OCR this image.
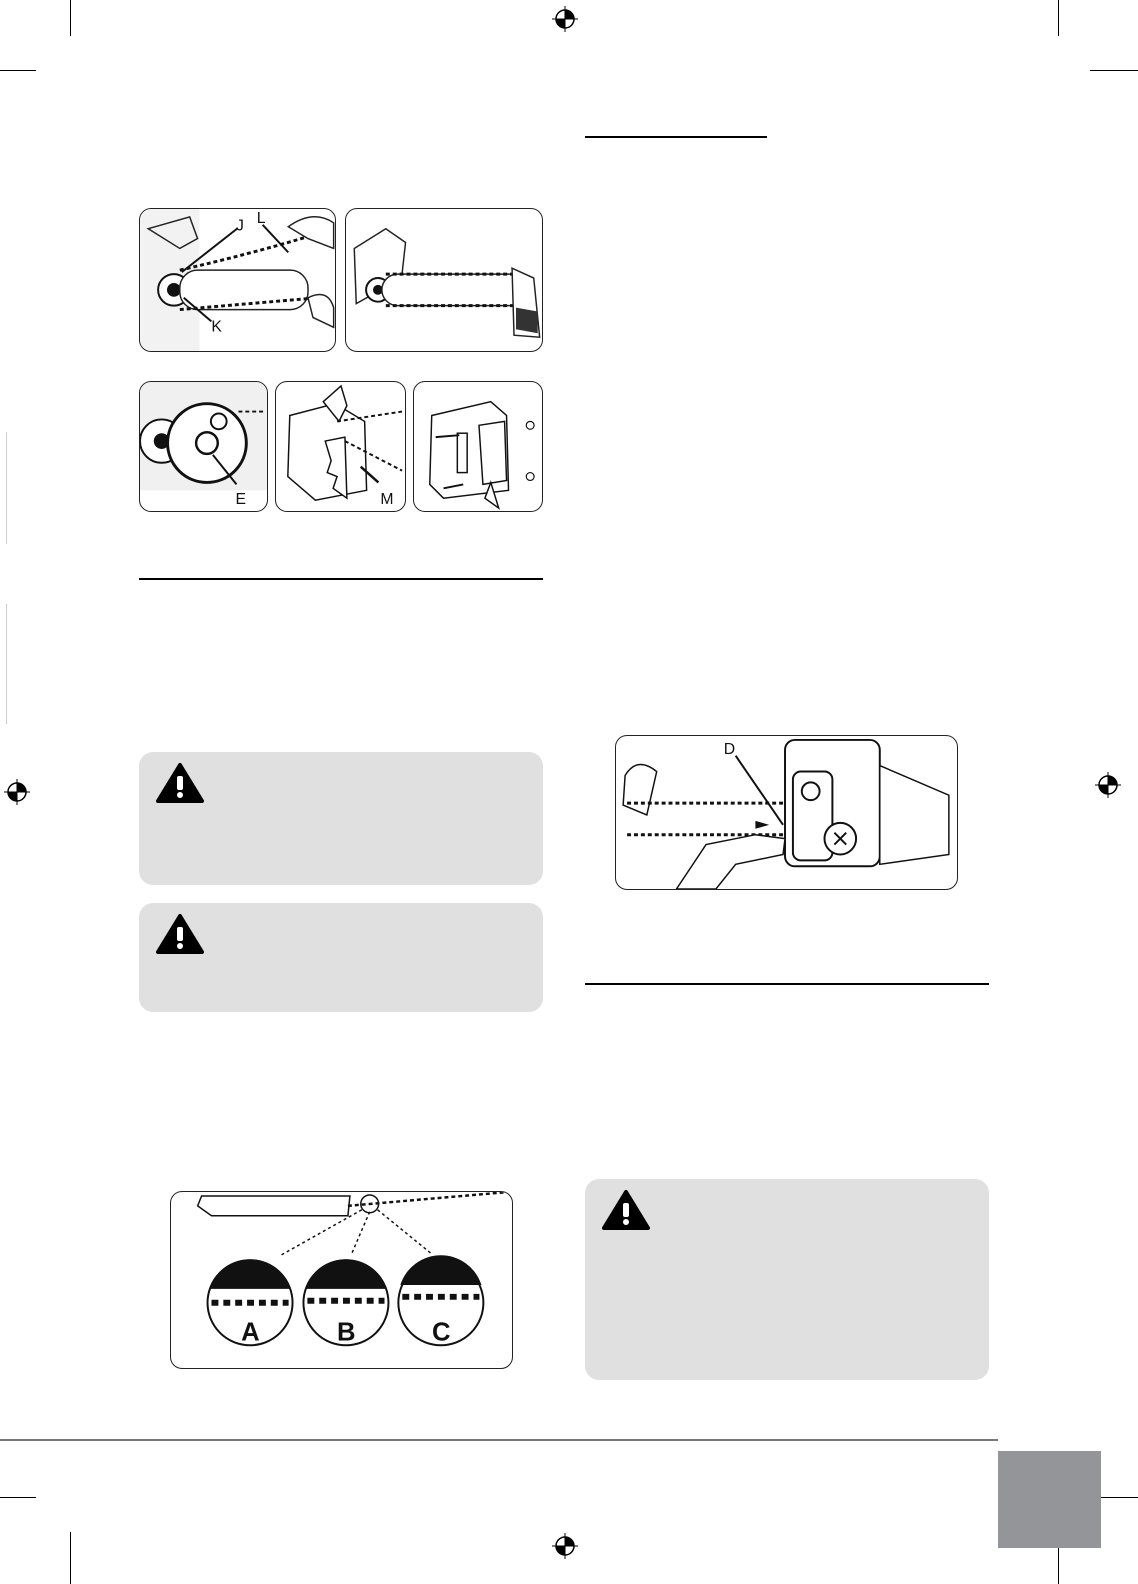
J L
K
E	M
A	B	C
D
